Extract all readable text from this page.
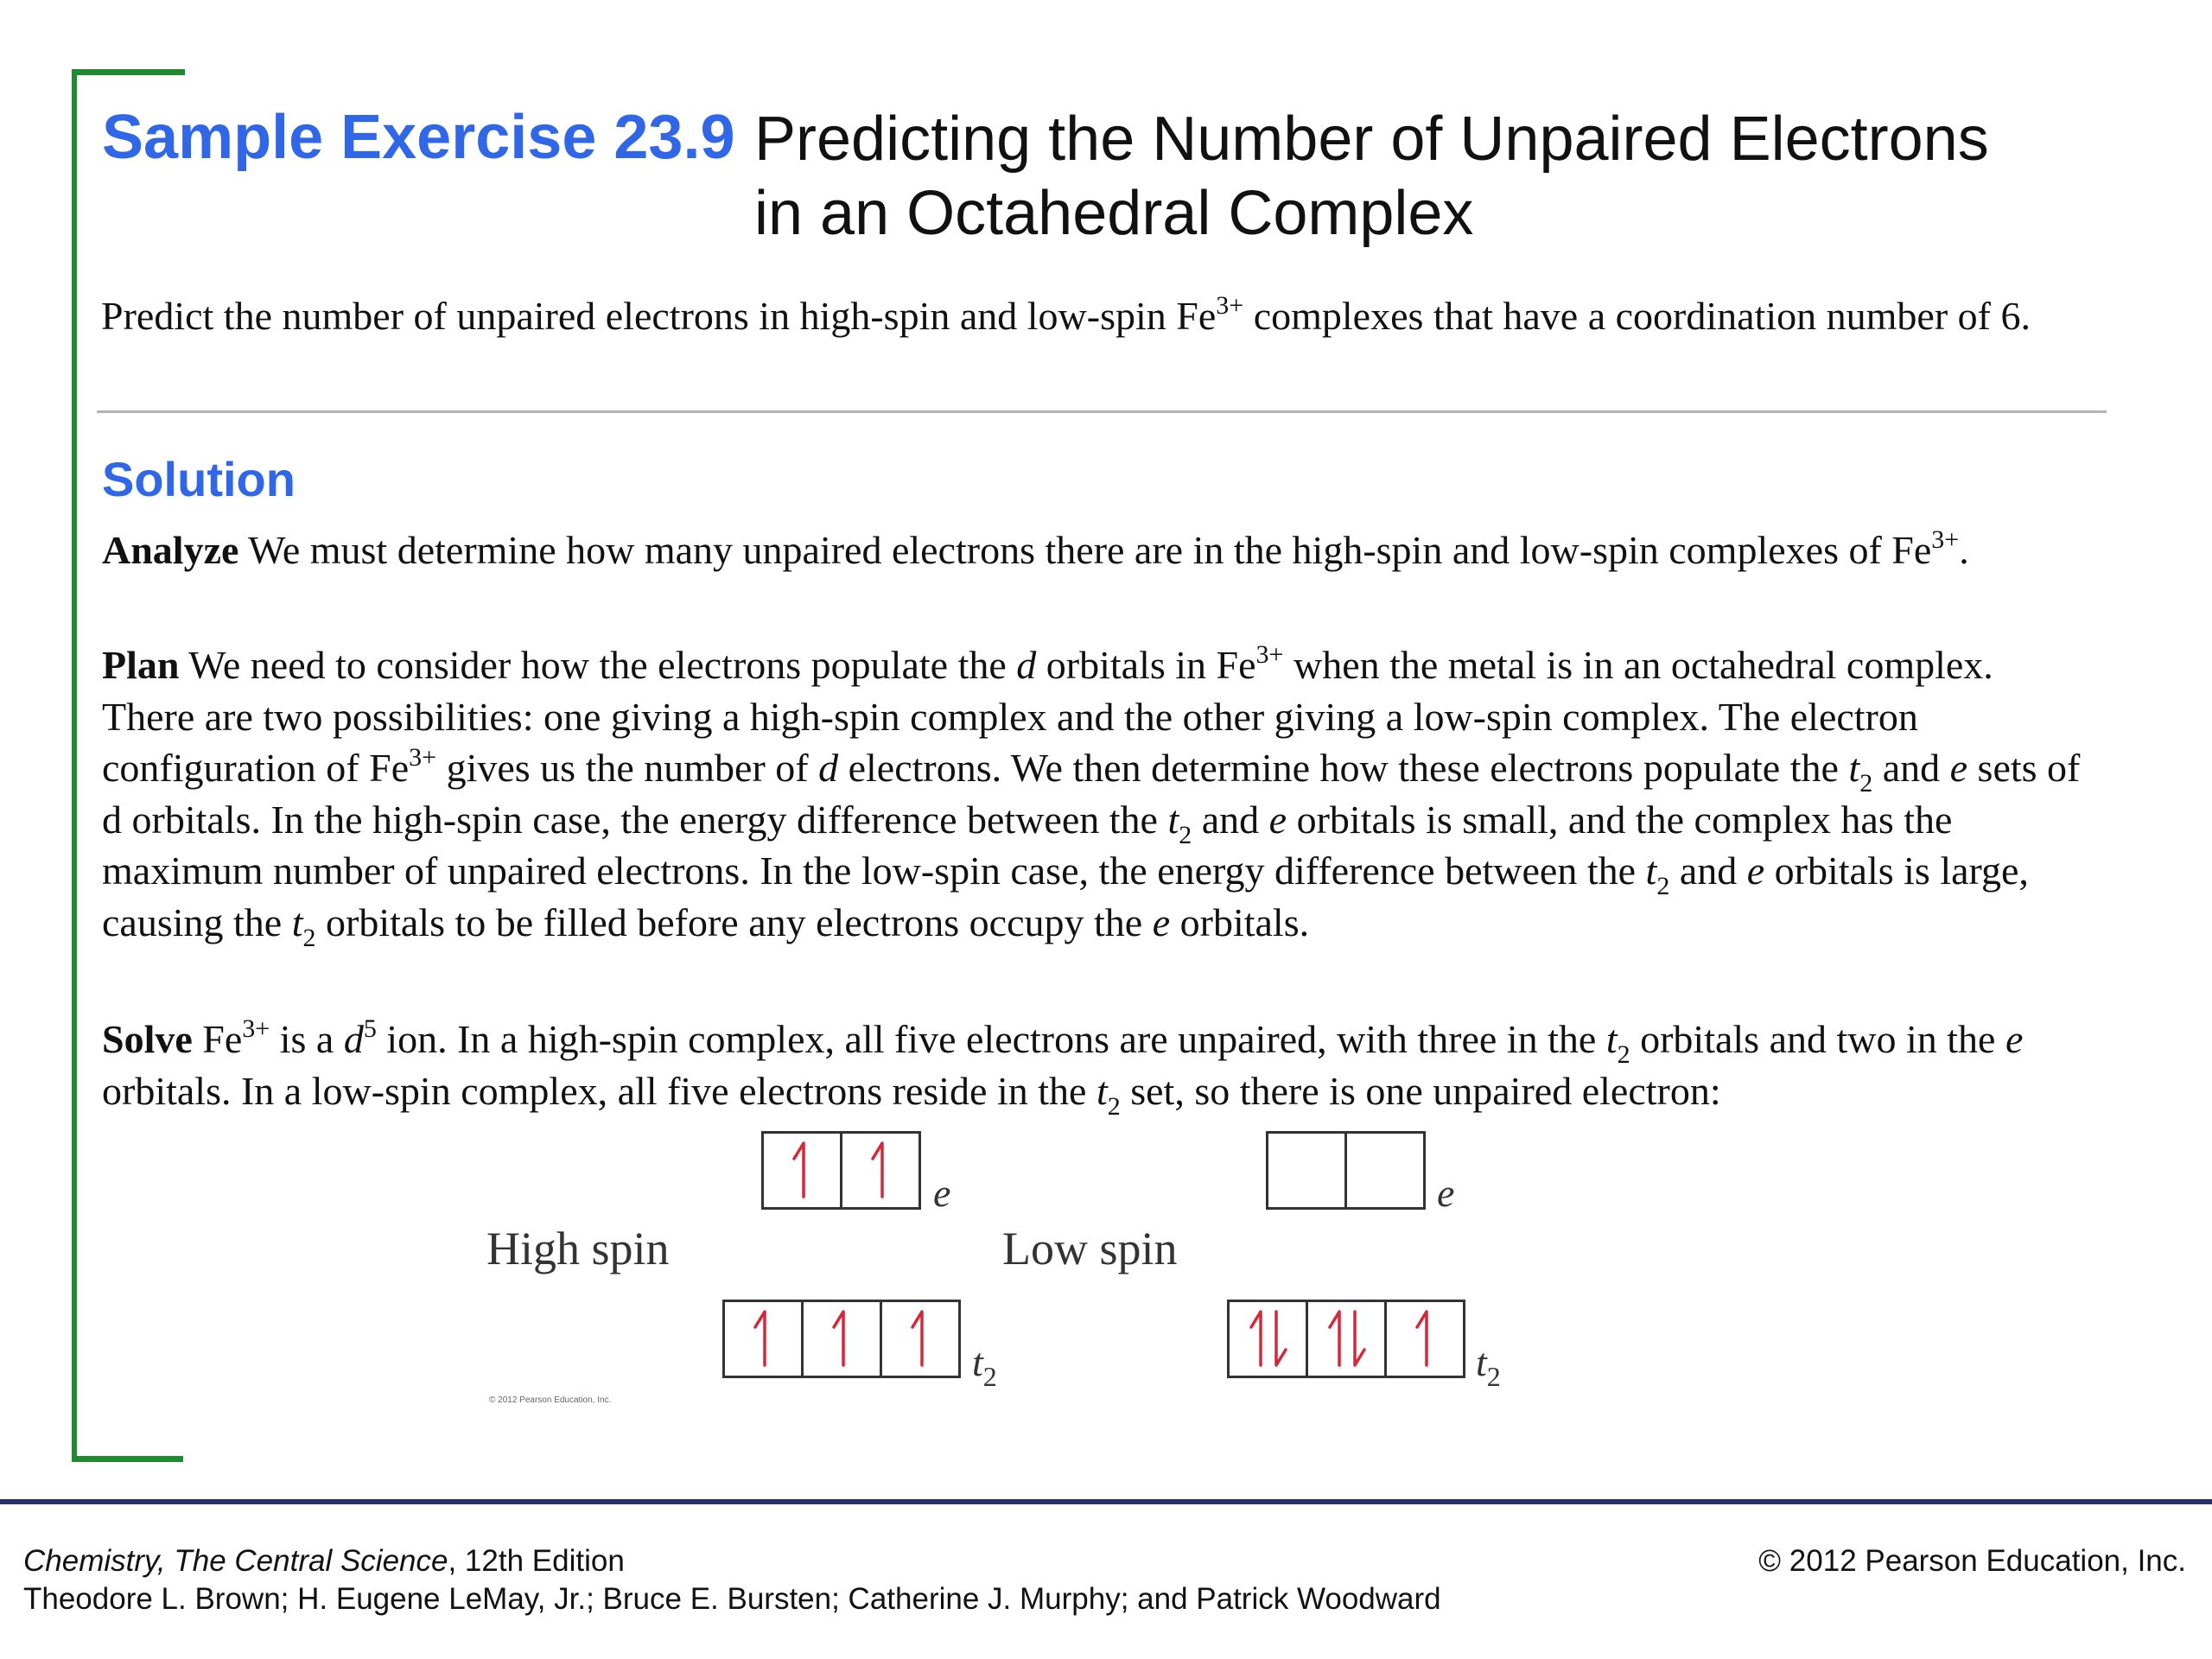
Sample Exercise 23.9 Predicting the Number of Unpaired Electrons
in an Octahedral Complex
Predict the number of unpaired electrons in high-spin and low-spin $Fe^{3+}$ complexes that have a coordination number of 6.
Solution
Analyze We must determine how many unpaired electrons there are in the high-spin and low-spin complexes of $Fe^{3+}$.
Plan We need to consider how the electrons populate the d orbitals in $Fe^{3+}$ when the metal is in an octahedral complex. There are two possibilities: one giving a high-spin complex and the other giving a low-spin complex. The electron configuration of $Fe^{3+}$ gives us the number of d electrons. We then determine how these electrons populate the $t_2$ and e sets of d orbitals. In the high-spin case, the energy difference between the $t_2$ and e orbitals is small, and the complex has the maximum number of unpaired electrons. In the low-spin case, the energy difference between the $t_2$ and e orbitals is large, causing the $t_2$ orbitals to be filled before any electrons occupy the e orbitals.
Solve $Fe^{3+}$ is a $d^5$ ion. In a high-spin complex, all five electrons are unpaired, with three in the $t_2$ orbitals and two in the e orbitals. In a low-spin complex, all five electrons reside in the $t_2$ set, so there is one unpaired electron:
High spin	Low spin
e
$t_2$
e
$t_2$
© 2012 Pearson Education, Inc.
Chemistry, The Central Science, 12th Edition
Theodore L. Brown; H. Eugene LeMay, Jr.; Bruce E. Bursten; Catherine J. Murphy; and Patrick Woodward
© 2012 Pearson Education, Inc.
